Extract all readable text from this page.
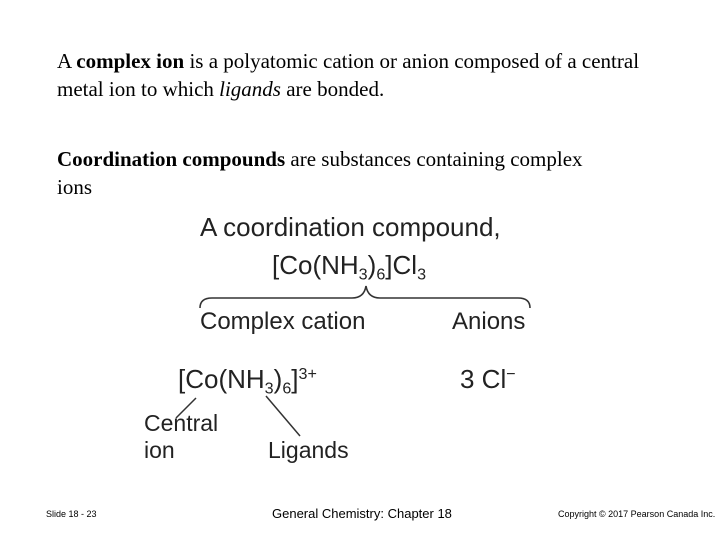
A complex ion is a polyatomic cation or anion composed of a central metal ion to which ligands are bonded.
Coordination compounds are substances containing complex ions
A coordination compound,
$[Co(NH_3)_6]Cl_3$
Complex cation	Anions
$[Co(NH_3)_6]^{3+}$	3 Cl−
Central
ion	Ligands
Slide 18 - 23	General Chemistry: Chapter 18	Copyright © 2017 Pearson Canada Inc.
